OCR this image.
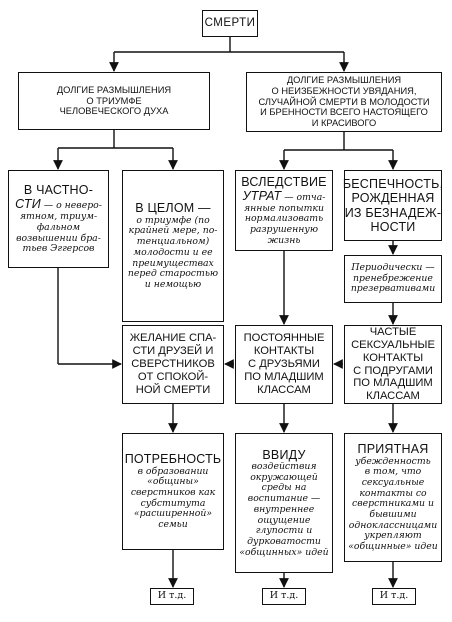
СМЕРТИ
ДОЛГИЕ РАЗМЫШЛЕНИЯ
О ТРИУМФЕ
ЧЕЛОВЕЧЕСКОГО ДУХА
ДОЛГИЕ РАЗМЫШЛЕНИЯ
О НЕИЗБЕЖНОСТИ УВЯДАНИЯ,
СЛУЧАЙНОЙ СМЕРТИ В МОЛОДОСТИ
И БРЕННОСТИ ВСЕГО НАСТОЯЩЕГО
И КРАСИВОГО
В ЧАСТНО-
СТИ — о неверо-
ятном, триум-
фальном
возвышении бра-
тьев Эггерсов
В ЦЕЛОМ —
о триумфе (по
крайней мере, по-
тенциальном)
молодости и ее
преимуществах
перед старостью
и немощью
ЖЕЛАНИЕ СПА-
СТИ ДРУЗЕЙ И
СВЕРСТНИКОВ
ОТ СПОКОЙ-
НОЙ СМЕРТИ
ПОТРЕБНОСТЬ
в образовании
«общины»
сверстников как
субститута
«расширенной»
семьи
И т.д.
ВСЛЕДСТВИЕ
УТРАТ — отча-
янные попытки
нормализовать
разрушенную
жизнь
ПОСТОЯННЫЕ
КОНТАКТЫ
С ДРУЗЬЯМИ
ПО МЛАДШИМ
КЛАССАМ
ВВИДУ
воздействия
окружающей
среды на
воспитание —
внутреннее
ощущение
глупости и
дурковатости
«общинных» идей
И т.д.
БЕСПЕЧНОСТЬ,
РОЖДЕННАЯ
ИЗ БЕЗНАДЕЖ-
НОСТИ
Периодически —
пренебрежение
презервативами
ЧАСТЫЕ
СЕКСУАЛЬНЫЕ
КОНТАКТЫ
С ПОДРУГАМИ
ПО МЛАДШИМ
КЛАССАМ
ПРИЯТНАЯ
убежденность
в том, что
сексуальные
контакты со
сверстниками и
бывшими
одноклассницами
укрепляют
«общинные» идеи
И т.д.
